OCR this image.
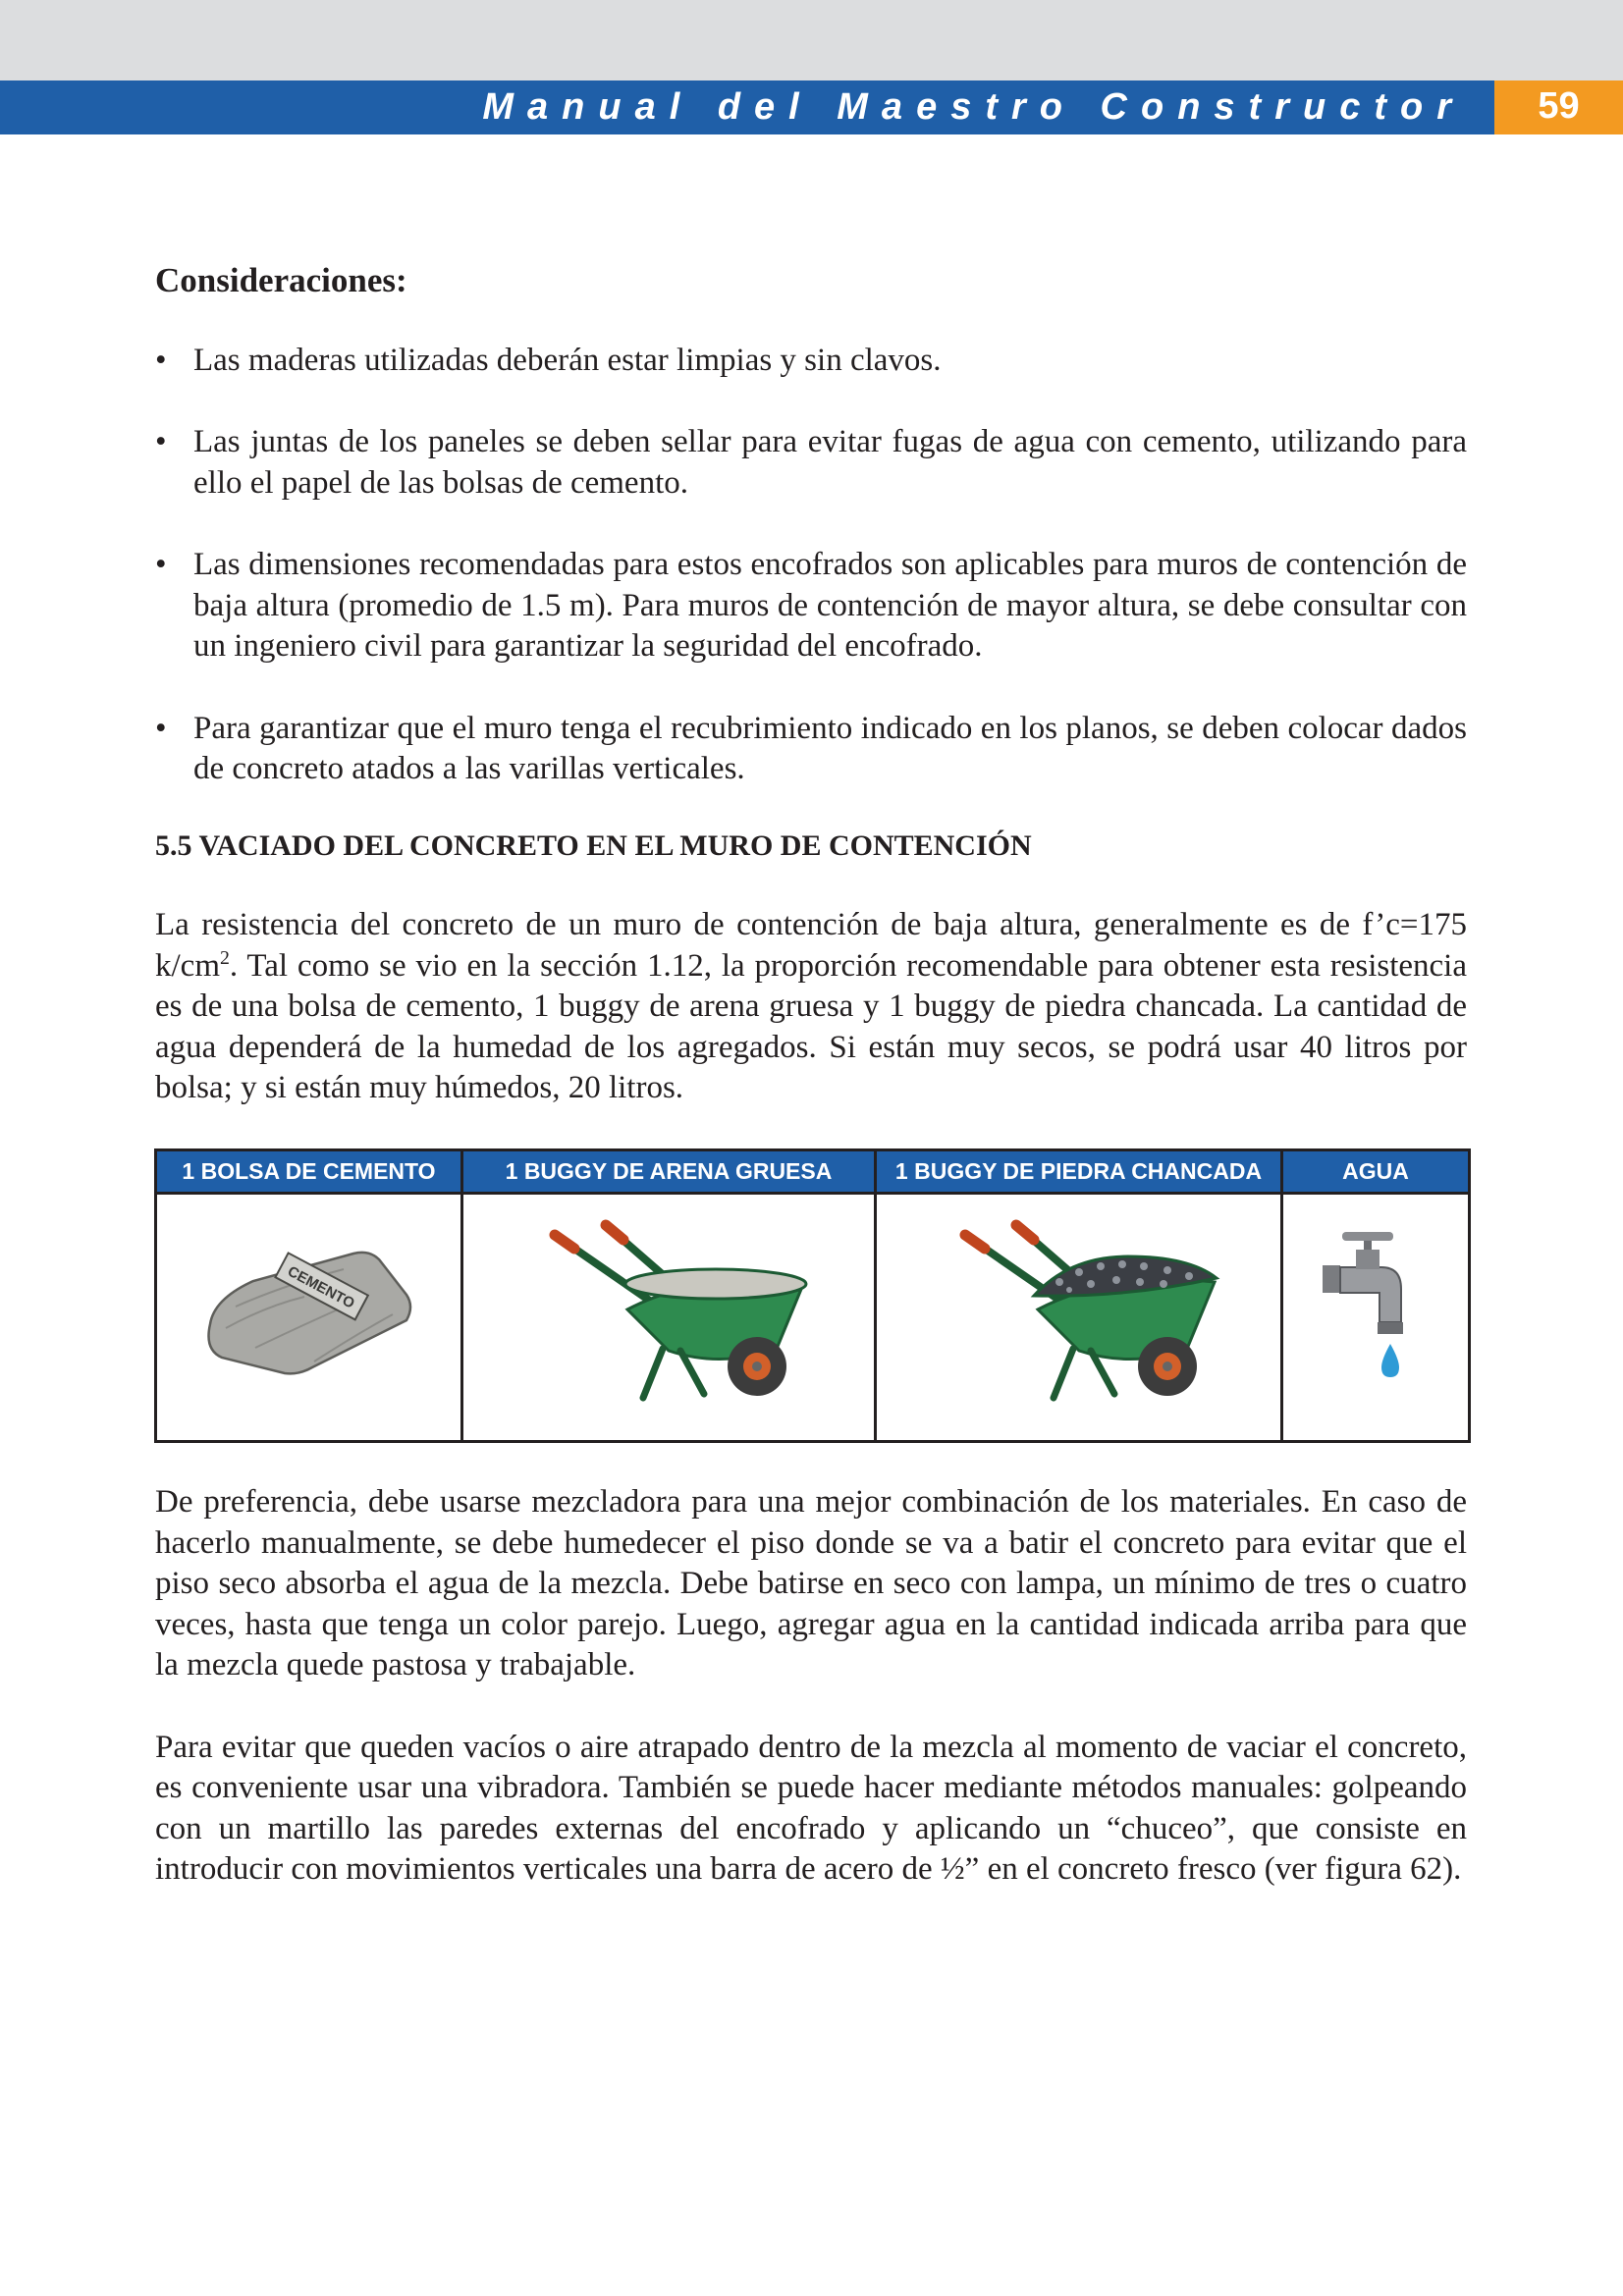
Manual del Maestro Constructor	59
Consideraciones:
• Las maderas utilizadas deberán estar limpias y sin clavos.
• Las juntas de los paneles se deben sellar para evitar fugas de agua con cemento, utilizando para ello el papel de las bolsas de cemento.
• Las dimensiones recomendadas para estos encofrados son aplicables para muros de contención de baja altura (promedio de 1.5 m). Para muros de contención de mayor altura, se debe consultar con un ingeniero civil para garantizar la seguridad del encofrado.
• Para garantizar que el muro tenga el recubrimiento indicado en los planos, se deben colocar dados de concreto atados a las varillas verticales.
5.5 VACIADO DEL CONCRETO EN EL MURO DE CONTENCIÓN

La resistencia del concreto de un muro de contención de baja altura, generalmente es de f’c=175 $k/cm^2$. Tal como se vio en la sección 1.12, la proporción recomendable para obtener esta resistencia es de una bolsa de cemento, 1 buggy de arena gruesa y 1 buggy de piedra chancada. La cantidad de agua dependerá de la humedad de los agregados. Si están muy secos, se podrá usar 40 litros por bolsa; y si están muy húmedos, 20 litros.

1 BOLSA DE CEMENTO	1 BUGGY DE ARENA GRUESA	1 BUGGY DE PIEDRA CHANCADA	AGUA

CEMENTO

De preferencia, debe usarse mezcladora para una mejor combinación de los materiales. En caso de hacerlo manualmente, se debe humedecer el piso donde se va a batir el concreto para evitar que el piso seco absorba el agua de la mezcla. Debe batirse en seco con lampa, un mínimo de tres o cuatro veces, hasta que tenga un color parejo. Luego, agregar agua en la cantidad indicada arriba para que la mezcla quede pastosa y trabajable.

Para evitar que queden vacíos o aire atrapado dentro de la mezcla al momento de vaciar el concreto, es conveniente usar una vibradora. También se puede hacer mediante métodos manuales: golpeando con un martillo las paredes externas del encofrado y aplicando un “chuceo”, que consiste en introducir con movimientos verticales una barra de acero de ½” en el concreto fresco (ver figura 62).
